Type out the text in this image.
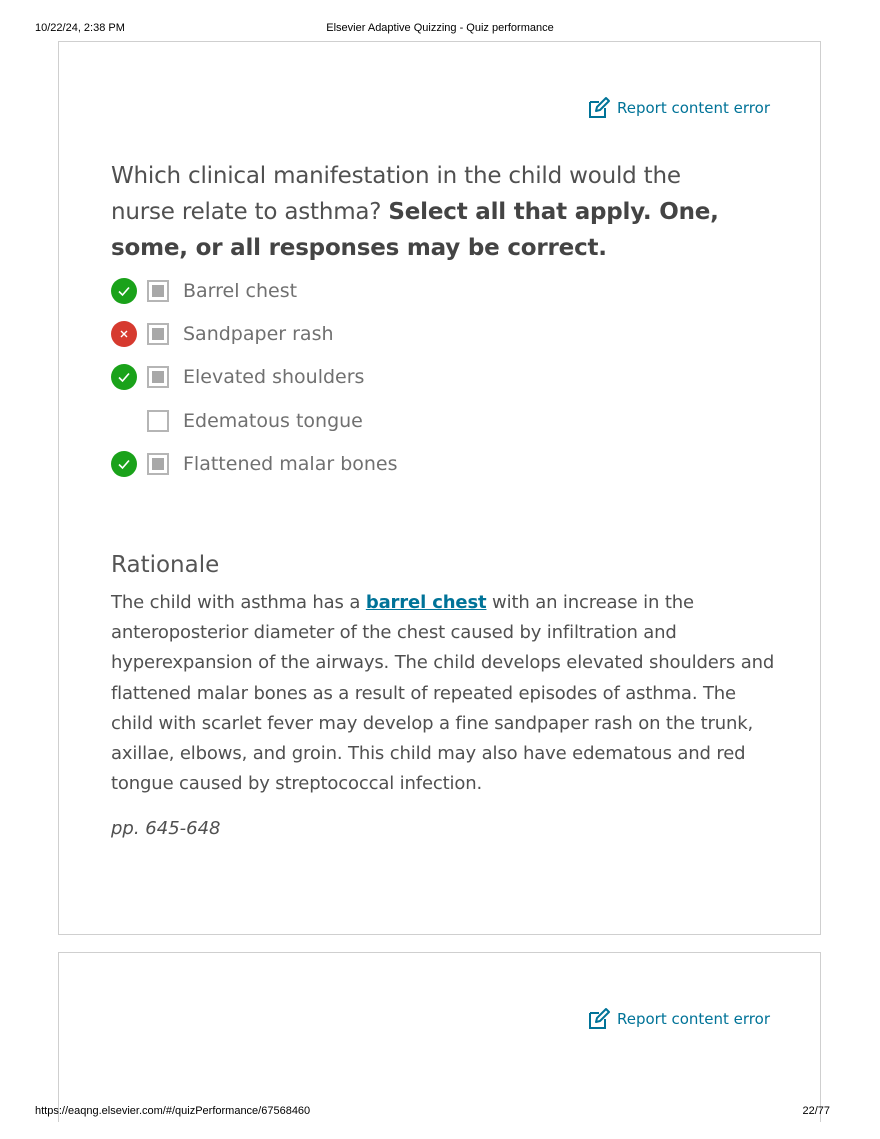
10/22/24, 2:38 PM	Elsevier Adaptive Quizzing - Quiz performance
Report content error
Which clinical manifestation in the child would the nurse relate to asthma? Select all that apply. One, some, or all responses may be correct.
Barrel chest
Sandpaper rash
Elevated shoulders
Edematous tongue
Flattened malar bones
Rationale
The child with asthma has a barrel chest with an increase in the anteroposterior diameter of the chest caused by infiltration and hyperexpansion of the airways. The child develops elevated shoulders and flattened malar bones as a result of repeated episodes of asthma. The child with scarlet fever may develop a fine sandpaper rash on the trunk, axillae, elbows, and groin. This child may also have edematous and red tongue caused by streptococcal infection.
pp. 645-648
Report content error
https://eaqng.elsevier.com/#/quizPerformance/67568460	22/77
